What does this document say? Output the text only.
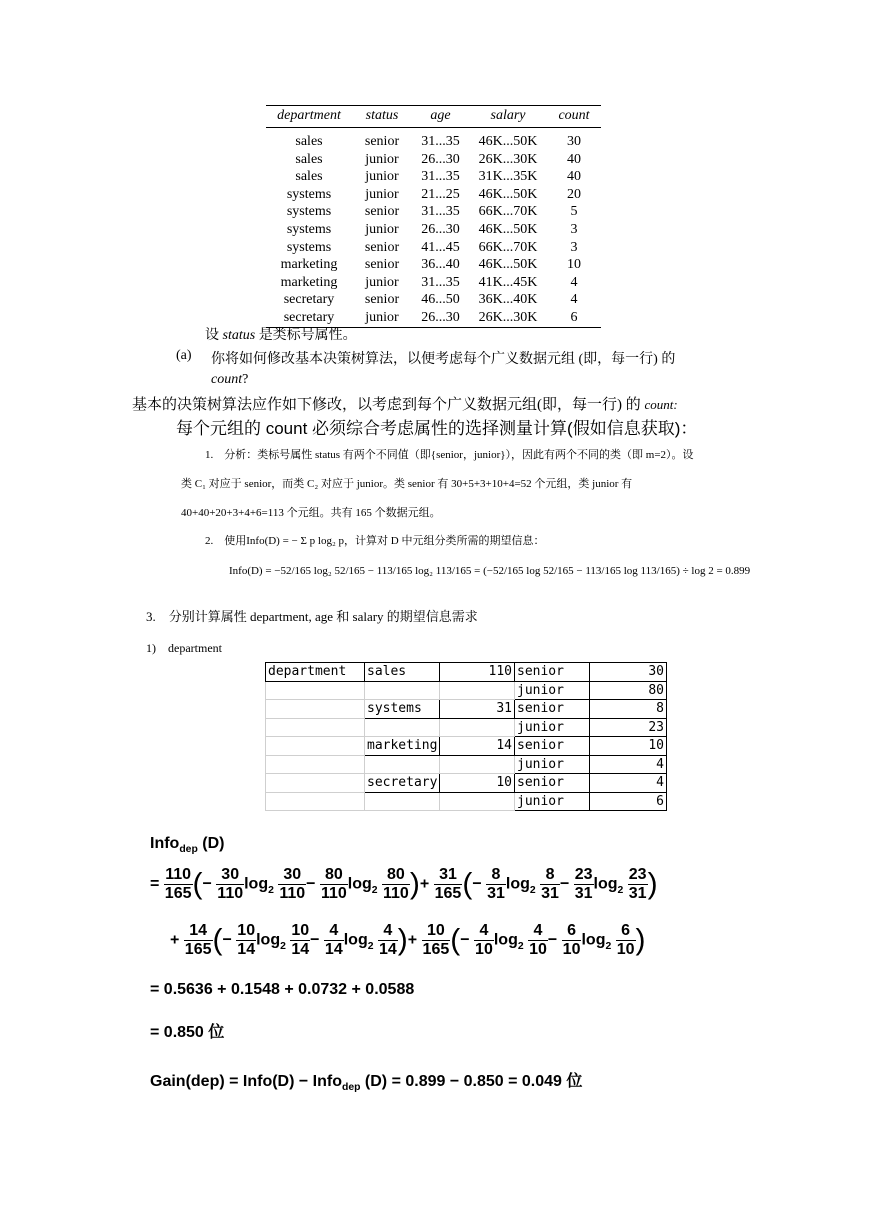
department	status	age	salary	count
sales	senior	31...35	46K...50K	30
sales	junior	26...30	26K...30K	40
sales	junior	31...35	31K...35K	40
systems	junior	21...25	46K...50K	20
systems	senior	31...35	66K...70K	5
systems	junior	26...30	46K...50K	3
systems	senior	41...45	66K...70K	3
marketing	senior	36...40	46K...50K	10
marketing	junior	31...35	41K...45K	4
secretary	senior	46...50	36K...40K	4
secretary	junior	26...30	26K...30K	6
设 status 是类标号属性。
(a) 你将如何修改基本决策树算法，以便考虑每个广义数据元组 (即，每一行) 的
count?
基本的决策树算法应作如下修改，以考虑到每个广义数据元组(即，每一行) 的 count:
每个元组的 count 必须综合考虑属性的选择测量计算(假如信息获取)：
1.　分析：类标号属性 status 有两个不同值（即{senior，junior}），因此有两个不同的类（即 m=2）。设
类 C₁ 对应于 senior，而类 C₂ 对应于 junior。类 senior 有 30+5+3+10+4=52 个元组，类 junior 有
40+40+20+3+4+6=113 个元组。共有 165 个数据元组。
2.　使用Info(D) = − Σ p log₂ p，计算对 D 中元组分类所需的期望信息：
Info(D) = −52/165 log₂ 52/165 − 113/165 log₂ 113/165 = (−52/165 log 52/165 − 113/165 log 113/165) ÷ log 2 = 0.899
3.　分别计算属性 department, age 和 salary 的期望信息需求
1)　department
department	sales	110	senior	30
			junior	80
	systems	31	senior	8
			junior	23
	marketing	14	senior	10
			junior	4
	secretary	10	senior	4
			junior	6
Info$_{dep}$ (D)
= $\frac{110}{165}$ (− $\frac{30}{110} \log_2 \frac{30}{110} - \frac{80}{110} \log_2 \frac{80}{110}$ )+ $\frac{31}{165}$ (− $\frac{8}{31} \log_2 \frac{8}{31} - \frac{23}{31} \log_2 \frac{23}{31}$ )
+ $\frac{14}{165}$ (− $\frac{10}{14} \log_2 \frac{10}{14} - \frac{4}{14} \log_2 \frac{4}{14}$ )+ $\frac{10}{165}$ (− $\frac{4}{10} \log_2 \frac{4}{10} - \frac{6}{10} \log_2 \frac{6}{10}$ )
= 0.5636 + 0.1548 + 0.0732 + 0.0588
= 0.850 位
Gain(dep) = Info(D) − Info$_{dep}$ (D) = 0.899 − 0.850 = 0.049 位
